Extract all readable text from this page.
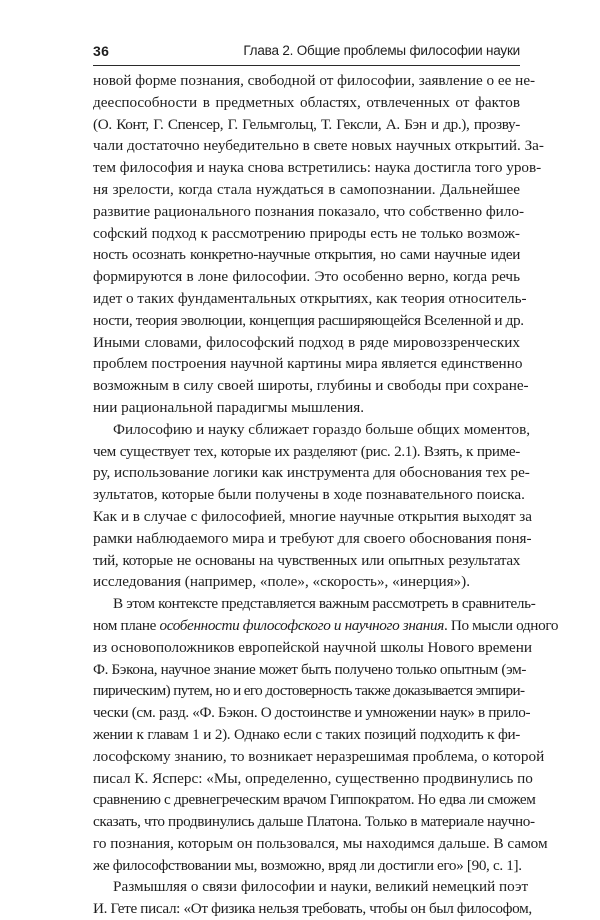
36	Глава 2. Общие проблемы философии науки
новой форме познания, свободной от философии, заявление о ее не-
дееспособности в предметных областях, отвлеченных от фактов
(О. Конт, Г. Спенсер, Г. Гельмгольц, Т. Гексли, А. Бэн и др.), прозву-
чали достаточно неубедительно в свете новых научных открытий. За-
тем философия и наука снова встретились: наука достигла того уров-
ня зрелости, когда стала нуждаться в самопознании. Дальнейшее
развитие рационального познания показало, что собственно фило-
софский подход к рассмотрению природы есть не только возмож-
ность осознать конкретно-научные открытия, но сами научные идеи
формируются в лоне философии. Это особенно верно, когда речь
идет о таких фундаментальных открытиях, как теория относитель-
ности, теория эволюции, концепция расширяющейся Вселенной и др.
Иными словами, философский подход в ряде мировоззренческих
проблем построения научной картины мира является единственно
возможным в силу своей широты, глубины и свободы при сохране-
нии рациональной парадигмы мышления.
Философию и науку сближает гораздо больше общих моментов,
чем существует тех, которые их разделяют (рис. 2.1). Взять, к приме-
ру, использование логики как инструмента для обоснования тех ре-
зультатов, которые были получены в ходе познавательного поиска.
Как и в случае с философией, многие научные открытия выходят за
рамки наблюдаемого мира и требуют для своего обоснования поня-
тий, которые не основаны на чувственных или опытных результатах
исследования (например, «поле», «скорость», «инерция»).
В этом контексте представляется важным рассмотреть в сравнитель-
ном плане особенности философского и научного знания. По мысли одного
из основоположников европейской научной школы Нового времени
Ф. Бэкона, научное знание может быть получено только опытным (эм-
пирическим) путем, но и его достоверность также доказывается эмпири-
чески (см. разд. «Ф. Бэкон. О достоинстве и умножении наук» в прило-
жении к главам 1 и 2). Однако если с таких позиций подходить к фи-
лософскому знанию, то возникает неразрешимая проблема, о которой
писал К. Ясперс: «Мы, определенно, существенно продвинулись по
сравнению с древнегреческим врачом Гиппократом. Но едва ли сможем
сказать, что продвинулись дальше Платона. Только в материале научно-
го познания, которым он пользовался, мы находимся дальше. В самом
же философствовании мы, возможно, вряд ли достигли его» [90, с. 1].
Размышляя о связи философии и науки, великий немецкий поэт
И. Гете писал: «От физика нельзя требовать, чтобы он был философом,
